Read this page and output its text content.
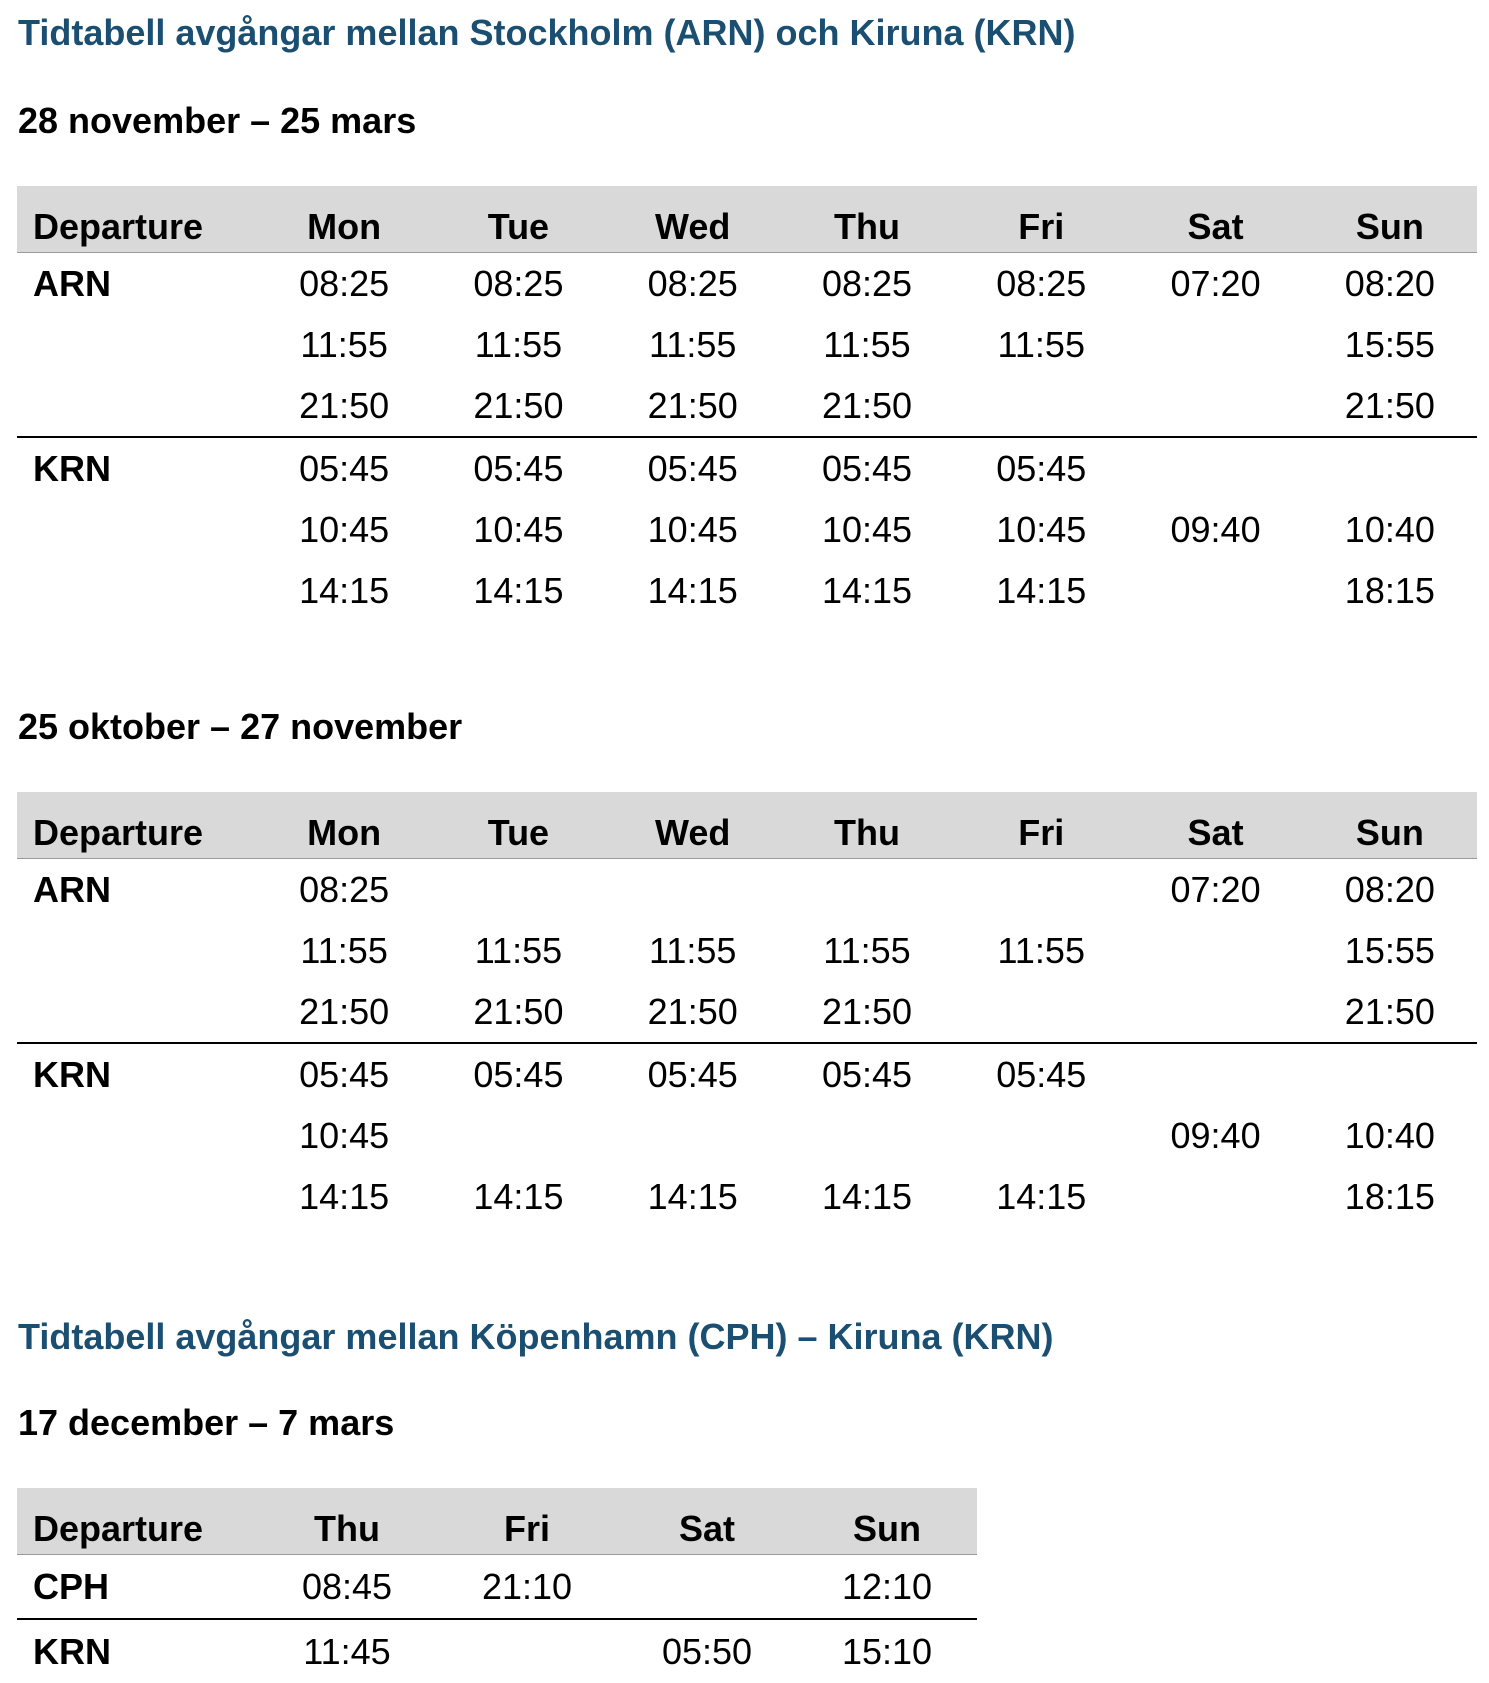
Tidtabell avgångar mellan Stockholm (ARN) och Kiruna (KRN)
28 november – 25 mars
Departure	Mon	Tue	Wed	Thu	Fri	Sat	Sun
ARN	08:25	08:25	08:25	08:25	08:25	07:20	08:20
	11:55	11:55	11:55	11:55	11:55		15:55
	21:50	21:50	21:50	21:50			21:50
KRN	05:45	05:45	05:45	05:45	05:45		
	10:45	10:45	10:45	10:45	10:45	09:40	10:40
	14:15	14:15	14:15	14:15	14:15		18:15
25 oktober – 27 november
Departure	Mon	Tue	Wed	Thu	Fri	Sat	Sun
ARN	08:25					07:20	08:20
	11:55	11:55	11:55	11:55	11:55		15:55
	21:50	21:50	21:50	21:50			21:50
KRN	05:45	05:45	05:45	05:45	05:45		
	10:45					09:40	10:40
	14:15	14:15	14:15	14:15	14:15		18:15
Tidtabell avgångar mellan Köpenhamn (CPH) – Kiruna (KRN)
17 december – 7 mars
Departure	Thu	Fri	Sat	Sun
CPH	08:45	21:10		12:10
KRN	11:45		05:50	15:10
